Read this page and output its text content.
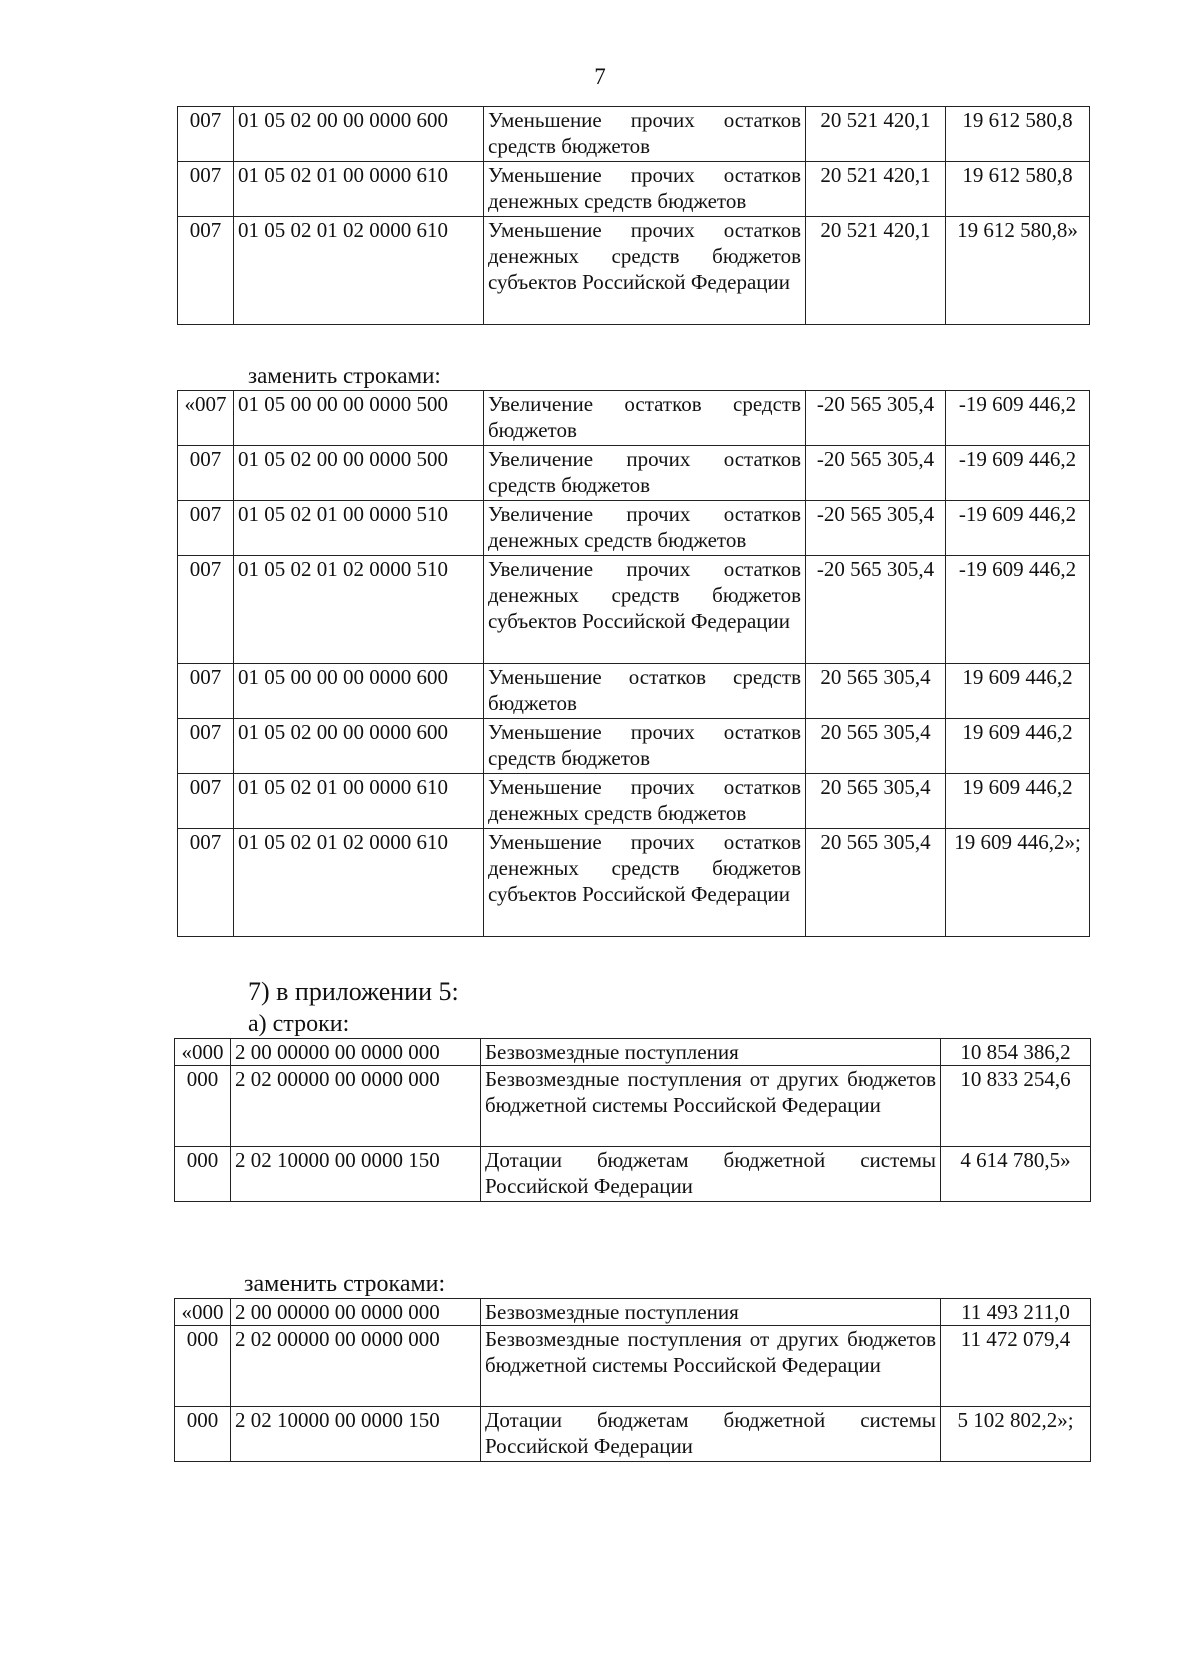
7
007	01 05 02 00 00 0000 600	Уменьшение прочих остатков средств бюджетов	20 521 420,1	19 612 580,8
007	01 05 02 01 00 0000 610	Уменьшение прочих остатков денежных средств бюджетов	20 521 420,1	19 612 580,8
007	01 05 02 01 02 0000 610	Уменьшение прочих остатков денежных средств бюджетов субъектов Российской Федерации	20 521 420,1	19 612 580,8»
заменить строками:
«007	01 05 00 00 00 0000 500	Увеличение остатков средств бюджетов	-20 565 305,4	-19 609 446,2
007	01 05 02 00 00 0000 500	Увеличение прочих остатков средств бюджетов	-20 565 305,4	-19 609 446,2
007	01 05 02 01 00 0000 510	Увеличение прочих остатков денежных средств бюджетов	-20 565 305,4	-19 609 446,2
007	01 05 02 01 02 0000 510	Увеличение прочих остатков денежных средств бюджетов субъектов Российской Федерации	-20 565 305,4	-19 609 446,2
007	01 05 00 00 00 0000 600	Уменьшение остатков средств бюджетов	20 565 305,4	19 609 446,2
007	01 05 02 00 00 0000 600	Уменьшение прочих остатков средств бюджетов	20 565 305,4	19 609 446,2
007	01 05 02 01 00 0000 610	Уменьшение прочих остатков денежных средств бюджетов	20 565 305,4	19 609 446,2
007	01 05 02 01 02 0000 610	Уменьшение прочих остатков денежных средств бюджетов субъектов Российской Федерации	20 565 305,4	19 609 446,2»;
7) в приложении 5:
а) строки:
«000	2 00 00000 00 0000 000	Безвозмездные поступления	10 854 386,2
000	2 02 00000 00 0000 000	Безвозмездные поступления от других бюджетов бюджетной системы Российской Федерации	10 833 254,6
000	2 02 10000 00 0000 150	Дотации бюджетам бюджетной системы Российской Федерации	4 614 780,5»
заменить строками:
«000	2 00 00000 00 0000 000	Безвозмездные поступления	11 493 211,0
000	2 02 00000 00 0000 000	Безвозмездные поступления от других бюджетов бюджетной системы Российской Федерации	11 472 079,4
000	2 02 10000 00 0000 150	Дотации бюджетам бюджетной системы Российской Федерации	5 102 802,2»;
